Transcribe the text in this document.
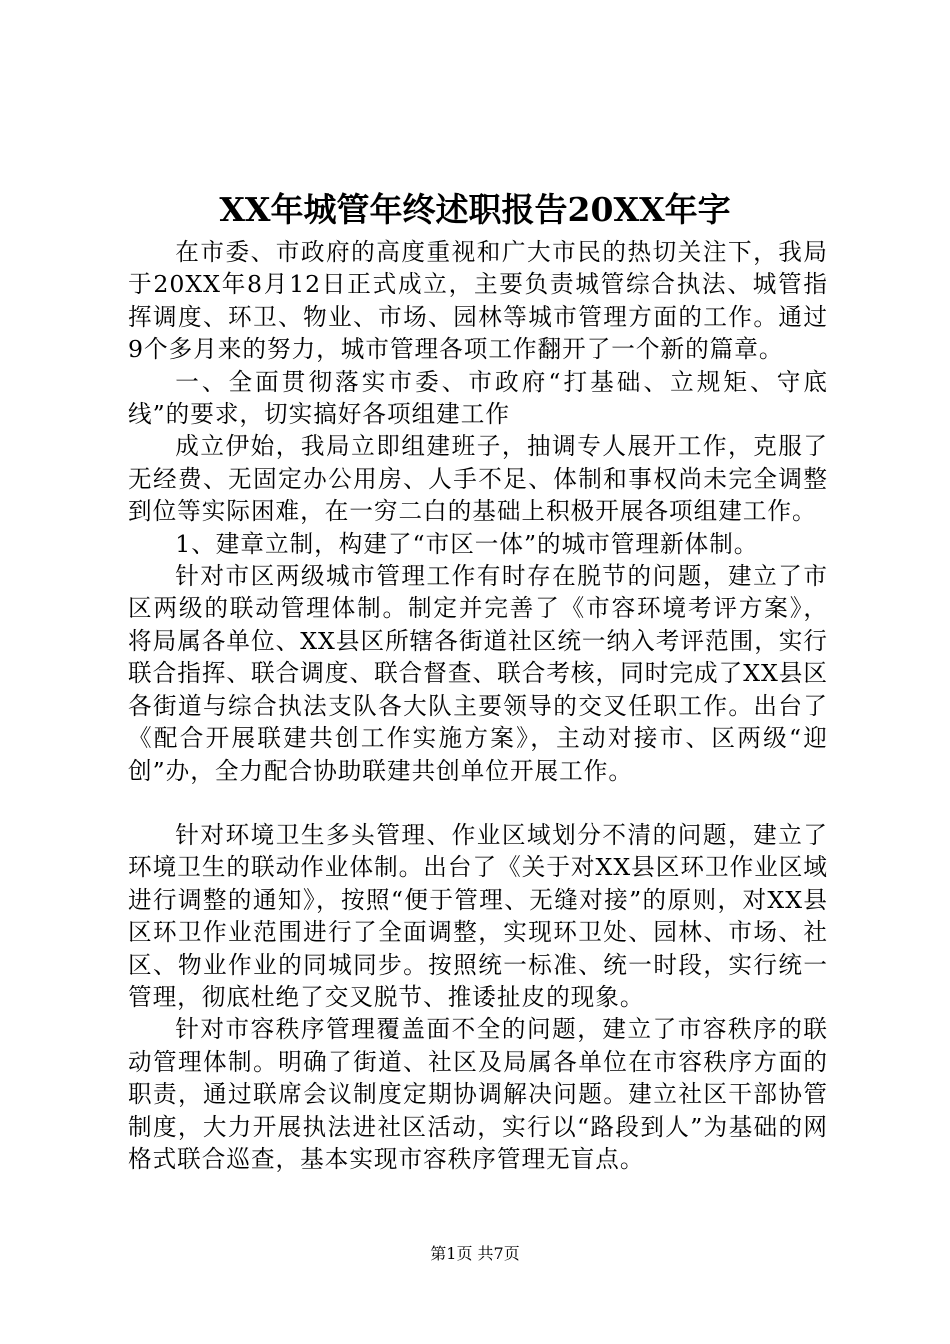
XX年城管年终述职报告20XX年字

在市委、市政府的高度重视和广大市民的热切关注下，我局于20XX年8月12日正式成立，主要负责城管综合执法、城管指挥调度、环卫、物业、市场、园林等城市管理方面的工作。通过9个多月来的努力，城市管理各项工作翻开了一个新的篇章。

一、全面贯彻落实市委、市政府“打基础、立规矩、守底线”的要求，切实搞好各项组建工作

成立伊始，我局立即组建班子，抽调专人展开工作，克服了无经费、无固定办公用房、人手不足、体制和事权尚未完全调整到位等实际困难，在一穷二白的基础上积极开展各项组建工作。

1、建章立制，构建了“市区一体”的城市管理新体制。

针对市区两级城市管理工作有时存在脱节的问题，建立了市区两级的联动管理体制。制定并完善了《市容环境考评方案》，将局属各单位、XX县区所辖各街道社区统一纳入考评范围，实行联合指挥、联合调度、联合督查、联合考核，同时完成了XX县区各街道与综合执法支队各大队主要领导的交叉任职工作。出台了《配合开展联建共创工作实施方案》，主动对接市、区两级“迎创”办，全力配合协助联建共创单位开展工作。

针对环境卫生多头管理、作业区域划分不清的问题，建立了环境卫生的联动作业体制。出台了《关于对XX县区环卫作业区域进行调整的通知》，按照“便于管理、无缝对接”的原则，对XX县区环卫作业范围进行了全面调整，实现环卫处、园林、市场、社区、物业作业的同城同步。按照统一标准、统一时段，实行统一管理，彻底杜绝了交叉脱节、推诿扯皮的现象。

针对市容秩序管理覆盖面不全的问题，建立了市容秩序的联动管理体制。明确了街道、社区及局属各单位在市容秩序方面的职责，通过联席会议制度定期协调解决问题。建立社区干部协管制度，大力开展执法进社区活动，实行以“路段到人”为基础的网格式联合巡查，基本实现市容秩序管理无盲点。

第1页 共7页
